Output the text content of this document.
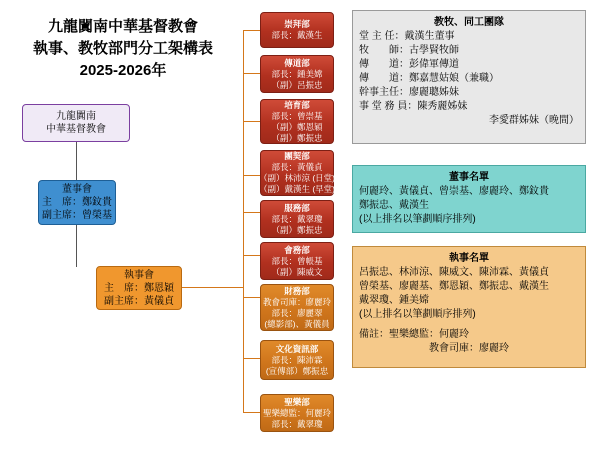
九龍闐南中華基督教會
執事、教牧部門分工架構表
2025-2026年
九龍闐南
中華基督教會
董事會
主　席：鄭鈫貴
副主席：曾榮基
執事會
主　席：鄭恩穎
副主席：黃儀貞
崇拜部
部長：戴漢生
傳道部
部長：鍾美嫦
（副）呂振忠
培育部
部長：曾崇基
（副）鄭恩穎
（副）鄭振忠
團契部
部長：黃儀貞
（副）林沛涼 (日堂)
（副）戴漢生 (早堂)
服務部
部長：戴翠瓊
（副）鄭振忠
會務部
部長：曾帳基
（副）陳威文
財務部
教會司庫：廖麗玲
部長：廖麗翠
(總影部)、黃儀員
文化資訊部
部長：陳沛霖
(宣傳部）鄭振忠
聖樂部
聖樂總監：何麗玲
部長：戴翠瓊
教牧、同工團隊
堂 主 任：戴漢生董事
牧　　師：古學賢牧師
傳　　道：彭偉軍傳道
傳　　道：鄭嘉慧姑娘（兼職）
幹事主任：廖麗聰姊妹
事 堂 務 員：陳秀麗姊妹
李愛群姊妹（晚間）
董事名單
何麗玲、黃儀貞、曾崇基、廖麗玲、鄭鈫貴
鄭振忠、戴漢生
(以上排名以筆劃順序排列)
執事名單
呂振忠、林沛涼、陳威文、陳沛霖、黃儀貞
曾榮基、廖麗基、鄭恩穎、鄭振忠、戴漢生
戴翠瓊、鍾美嫦
(以上排名以筆劃順序排列)
備註：聖樂總監：何麗玲
教會司庫：廖麗玲
